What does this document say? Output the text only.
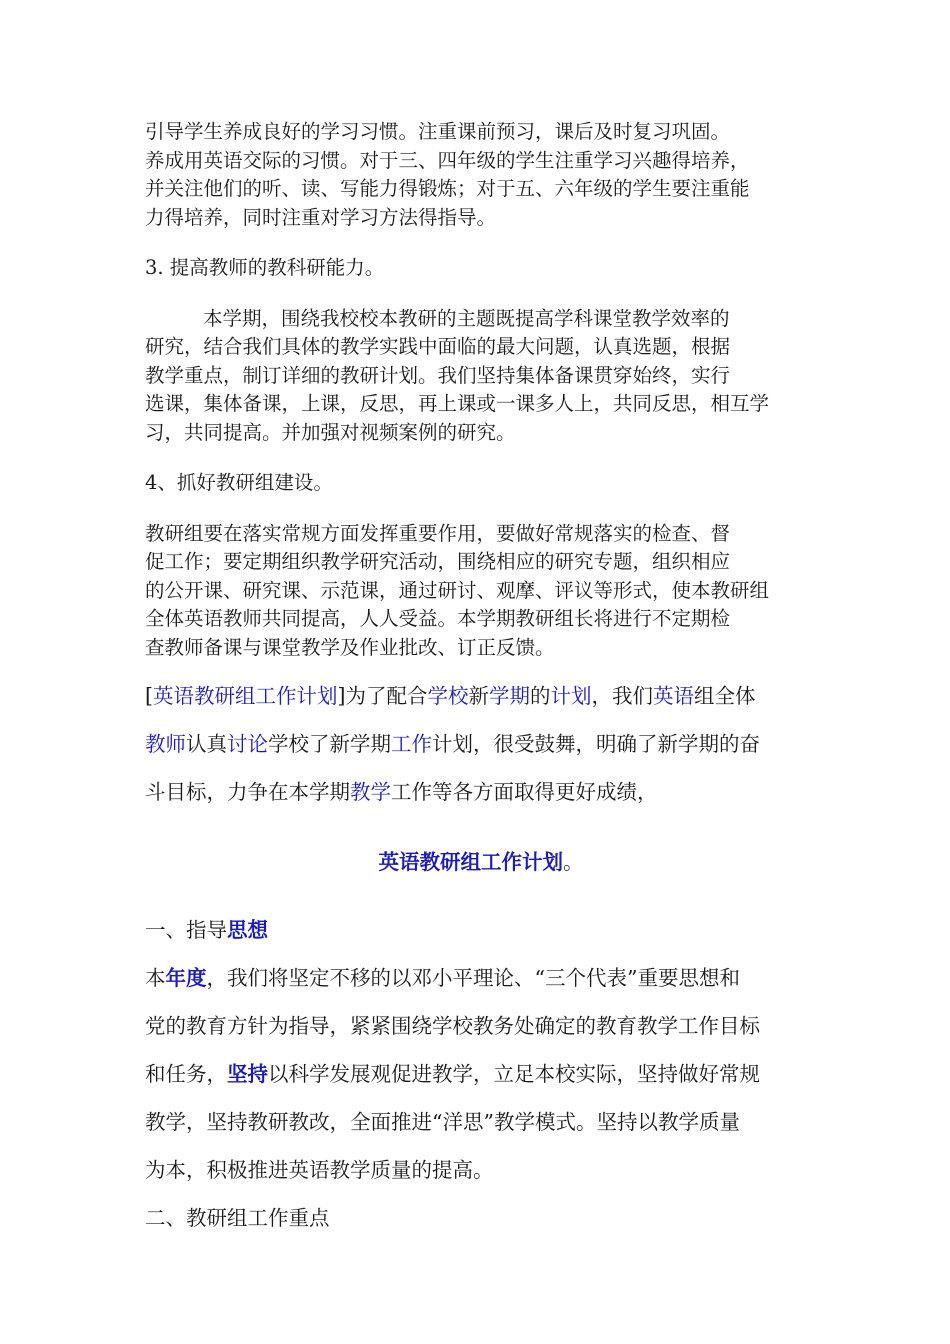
引导学生养成良好的学习习惯。注重课前预习，课后及时复习巩固。
养成用英语交际的习惯。对于三、四年级的学生注重学习兴趣得培养，
并关注他们的听、读、写能力得锻炼；对于五、六年级的学生要注重能
力得培养，同时注重对学习方法得指导。

3. 提高教师的教科研能力。

本学期，围绕我校校本教研的主题既提高学科课堂教学效率的
研究，结合我们具体的教学实践中面临的最大问题，认真选题，根据
教学重点，制订详细的教研计划。我们坚持集体备课贯穿始终，实行
选课，集体备课，上课，反思，再上课或一课多人上，共同反思，相互学
习，共同提高。并加强对视频案例的研究。

4、抓好教研组建设。

教研组要在落实常规方面发挥重要作用，要做好常规落实的检查、督
促工作；要定期组织教学研究活动，围绕相应的研究专题，组织相应
的公开课、研究课、示范课，通过研讨、观摩、评议等形式，使本教研组
全体英语教师共同提高，人人受益。本学期教研组长将进行不定期检
查教师备课与课堂教学及作业批改、订正反馈。

[英语教研组工作计划]为了配合学校新学期的计划，我们英语组全体
教师认真讨论学校了新学期工作计划，很受鼓舞，明确了新学期的奋
斗目标，力争在本学期教学工作等各方面取得更好成绩，

英语教研组工作计划。

一、指导思想

本年度，我们将坚定不移的以邓小平理论、“三个代表”重要思想和
党的教育方针为指导，紧紧围绕学校教务处确定的教育教学工作目标
和任务，坚持以科学发展观促进教学，立足本校实际，坚持做好常规
教学，坚持教研教改，全面推进“洋思”教学模式。坚持以教学质量
为本，积极推进英语教学质量的提高。

二、教研组工作重点
